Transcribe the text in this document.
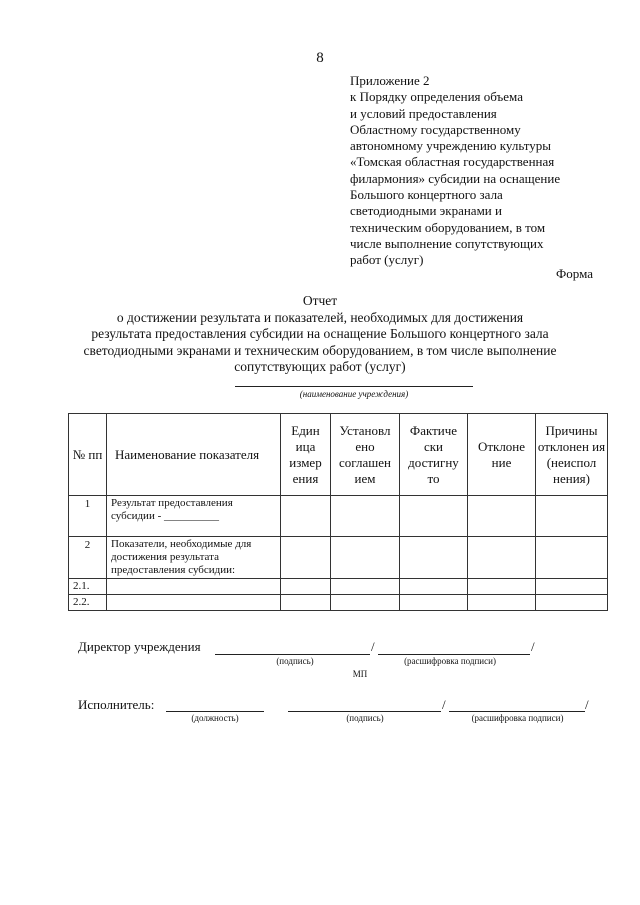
8
Приложение 2
к Порядку определения объема
и условий предоставления
Областному государственному
автономному учреждению культуры
«Томская областная государственная
филармония» субсидии на оснащение
Большого концертного зала
светодиодными экранами и
техническим оборудованием, в том
числе выполнение сопутствующих
работ (услуг)
Форма
Отчет
о достижении результата и показателей, необходимых для достижения
результата предоставления субсидии на оснащение Большого концертного зала
светодиодными экранами и техническим оборудованием, в том числе выполнение
сопутствующих работ (услуг)
(наименование учреждения)
№ пп	Наименование показателя	Един ица измер ения	Установл ено соглашен ием	Фактиче ски достигну то	Отклоне ние	Причины отклонен ия (неиспол нения)
1	Результат предоставления субсидии - __________					
2	Показатели, необходимые для достижения результата предоставления субсидии:					
2.1.						
2.2.						
Директор учреждения	/	/
(подпись)	(расшифровка подписи)
МП
Исполнитель:	/	/
(должность)	(подпись)	(расшифровка подписи)
